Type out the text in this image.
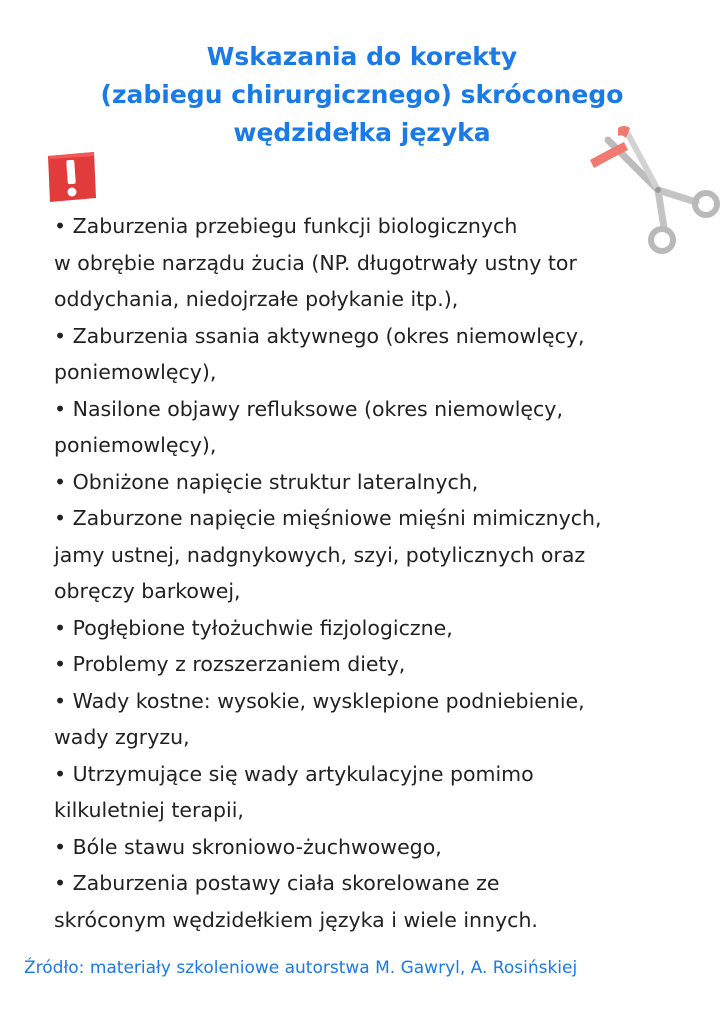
Wskazania do korekty
(zabiegu chirurgicznego) skróconego
wędzidełka języka
• Zaburzenia przebiegu funkcji biologicznych
w obrębie narządu żucia (NP. długotrwały ustny tor
oddychania, niedojrzałe połykanie itp.),
• Zaburzenia ssania aktywnego (okres niemowlęcy,
poniemowlęcy),
• Nasilone objawy refluksowe (okres niemowlęcy,
poniemowlęcy),
• Obniżone napięcie struktur lateralnych,
• Zaburzone napięcie mięśniowe mięśni mimicznych,
jamy ustnej, nadgnykowych, szyi, potylicznych oraz
obręczy barkowej,
• Pogłębione tyłożuchwie fizjologiczne,
• Problemy z rozszerzaniem diety,
• Wady kostne: wysokie, wysklepione podniebienie,
wady zgryzu,
• Utrzymujące się wady artykulacyjne pomimo
kilkuletniej terapii,
• Bóle stawu skroniowo-żuchwowego,
• Zaburzenia postawy ciała skorelowane ze
skróconym wędzidełkiem języka i wiele innych.
Źródło: materiały szkoleniowe autorstwa M. Gawryl, A. Rosińskiej
